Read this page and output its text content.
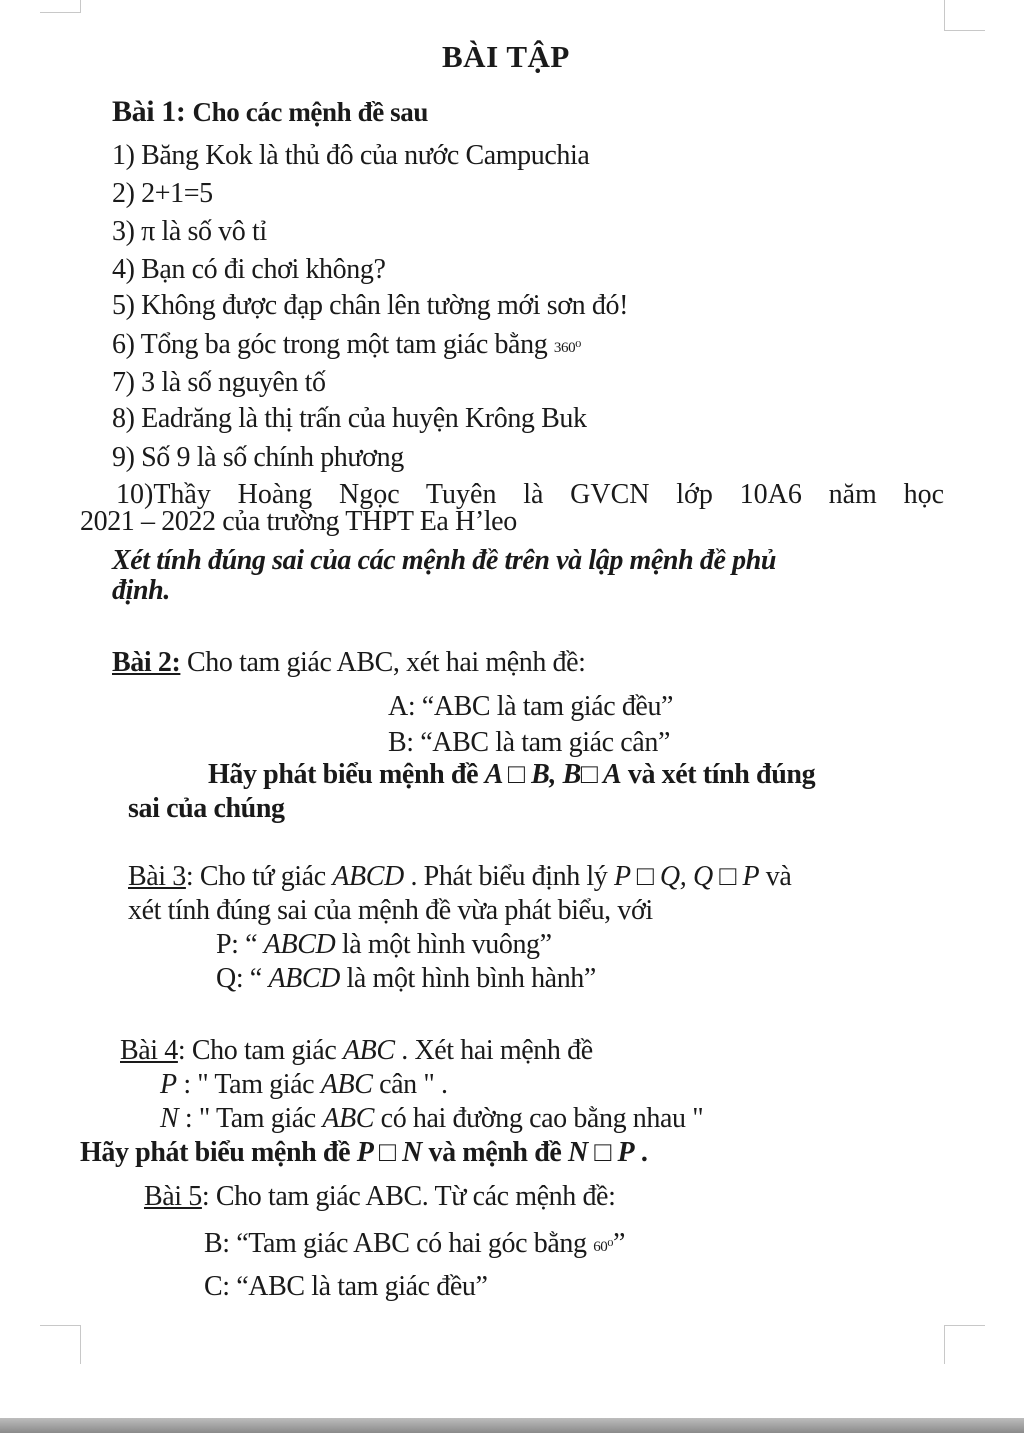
BÀI TẬP
Bài 1: Cho các mệnh đề sau
1) Băng Kok là thủ đô của nước Campuchia
2) 2+1=5
3) π là số vô tỉ
4) Bạn có đi chơi không?
5) Không được đạp chân lên tường mới sơn đó!
6) Tổng ba góc trong một tam giác bằng 360⁰
7) 3 là số nguyên tố
8) Eadrăng là thị trấn của huyện Krông Buk
9) Số 9 là số chính phương
10)Thầy Hoàng Ngọc Tuyên là GVCN lớp 10A6 năm học
2021 – 2022 của trường THPT Ea H’leo
Xét tính đúng sai của các mệnh đề trên và lập mệnh đề phủ
định.
Bài 2: Cho tam giác ABC, xét hai mệnh đề:
A: “ABC là tam giác đều”
B: “ABC là tam giác cân”
Hãy phát biểu mệnh đề A □ B, B□ A và xét tính đúng
sai của chúng
Bài 3: Cho tứ giác ABCD . Phát biểu định lý P □ Q, Q □ P và
xét tính đúng sai của mệnh đề vừa phát biểu, với
P: “ ABCD là một hình vuông”
Q: “ ABCD là một hình bình hành”
Bài 4: Cho tam giác ABC . Xét hai mệnh đề
P : " Tam giác ABC cân " .
N : " Tam giác ABC có hai đường cao bằng nhau "
Hãy phát biểu mệnh đề P □ N và mệnh đề N □ P .
Bài 5: Cho tam giác ABC. Từ các mệnh đề:
B: “Tam giác ABC có hai góc bằng 60⁰”
C: “ABC là tam giác đều”
